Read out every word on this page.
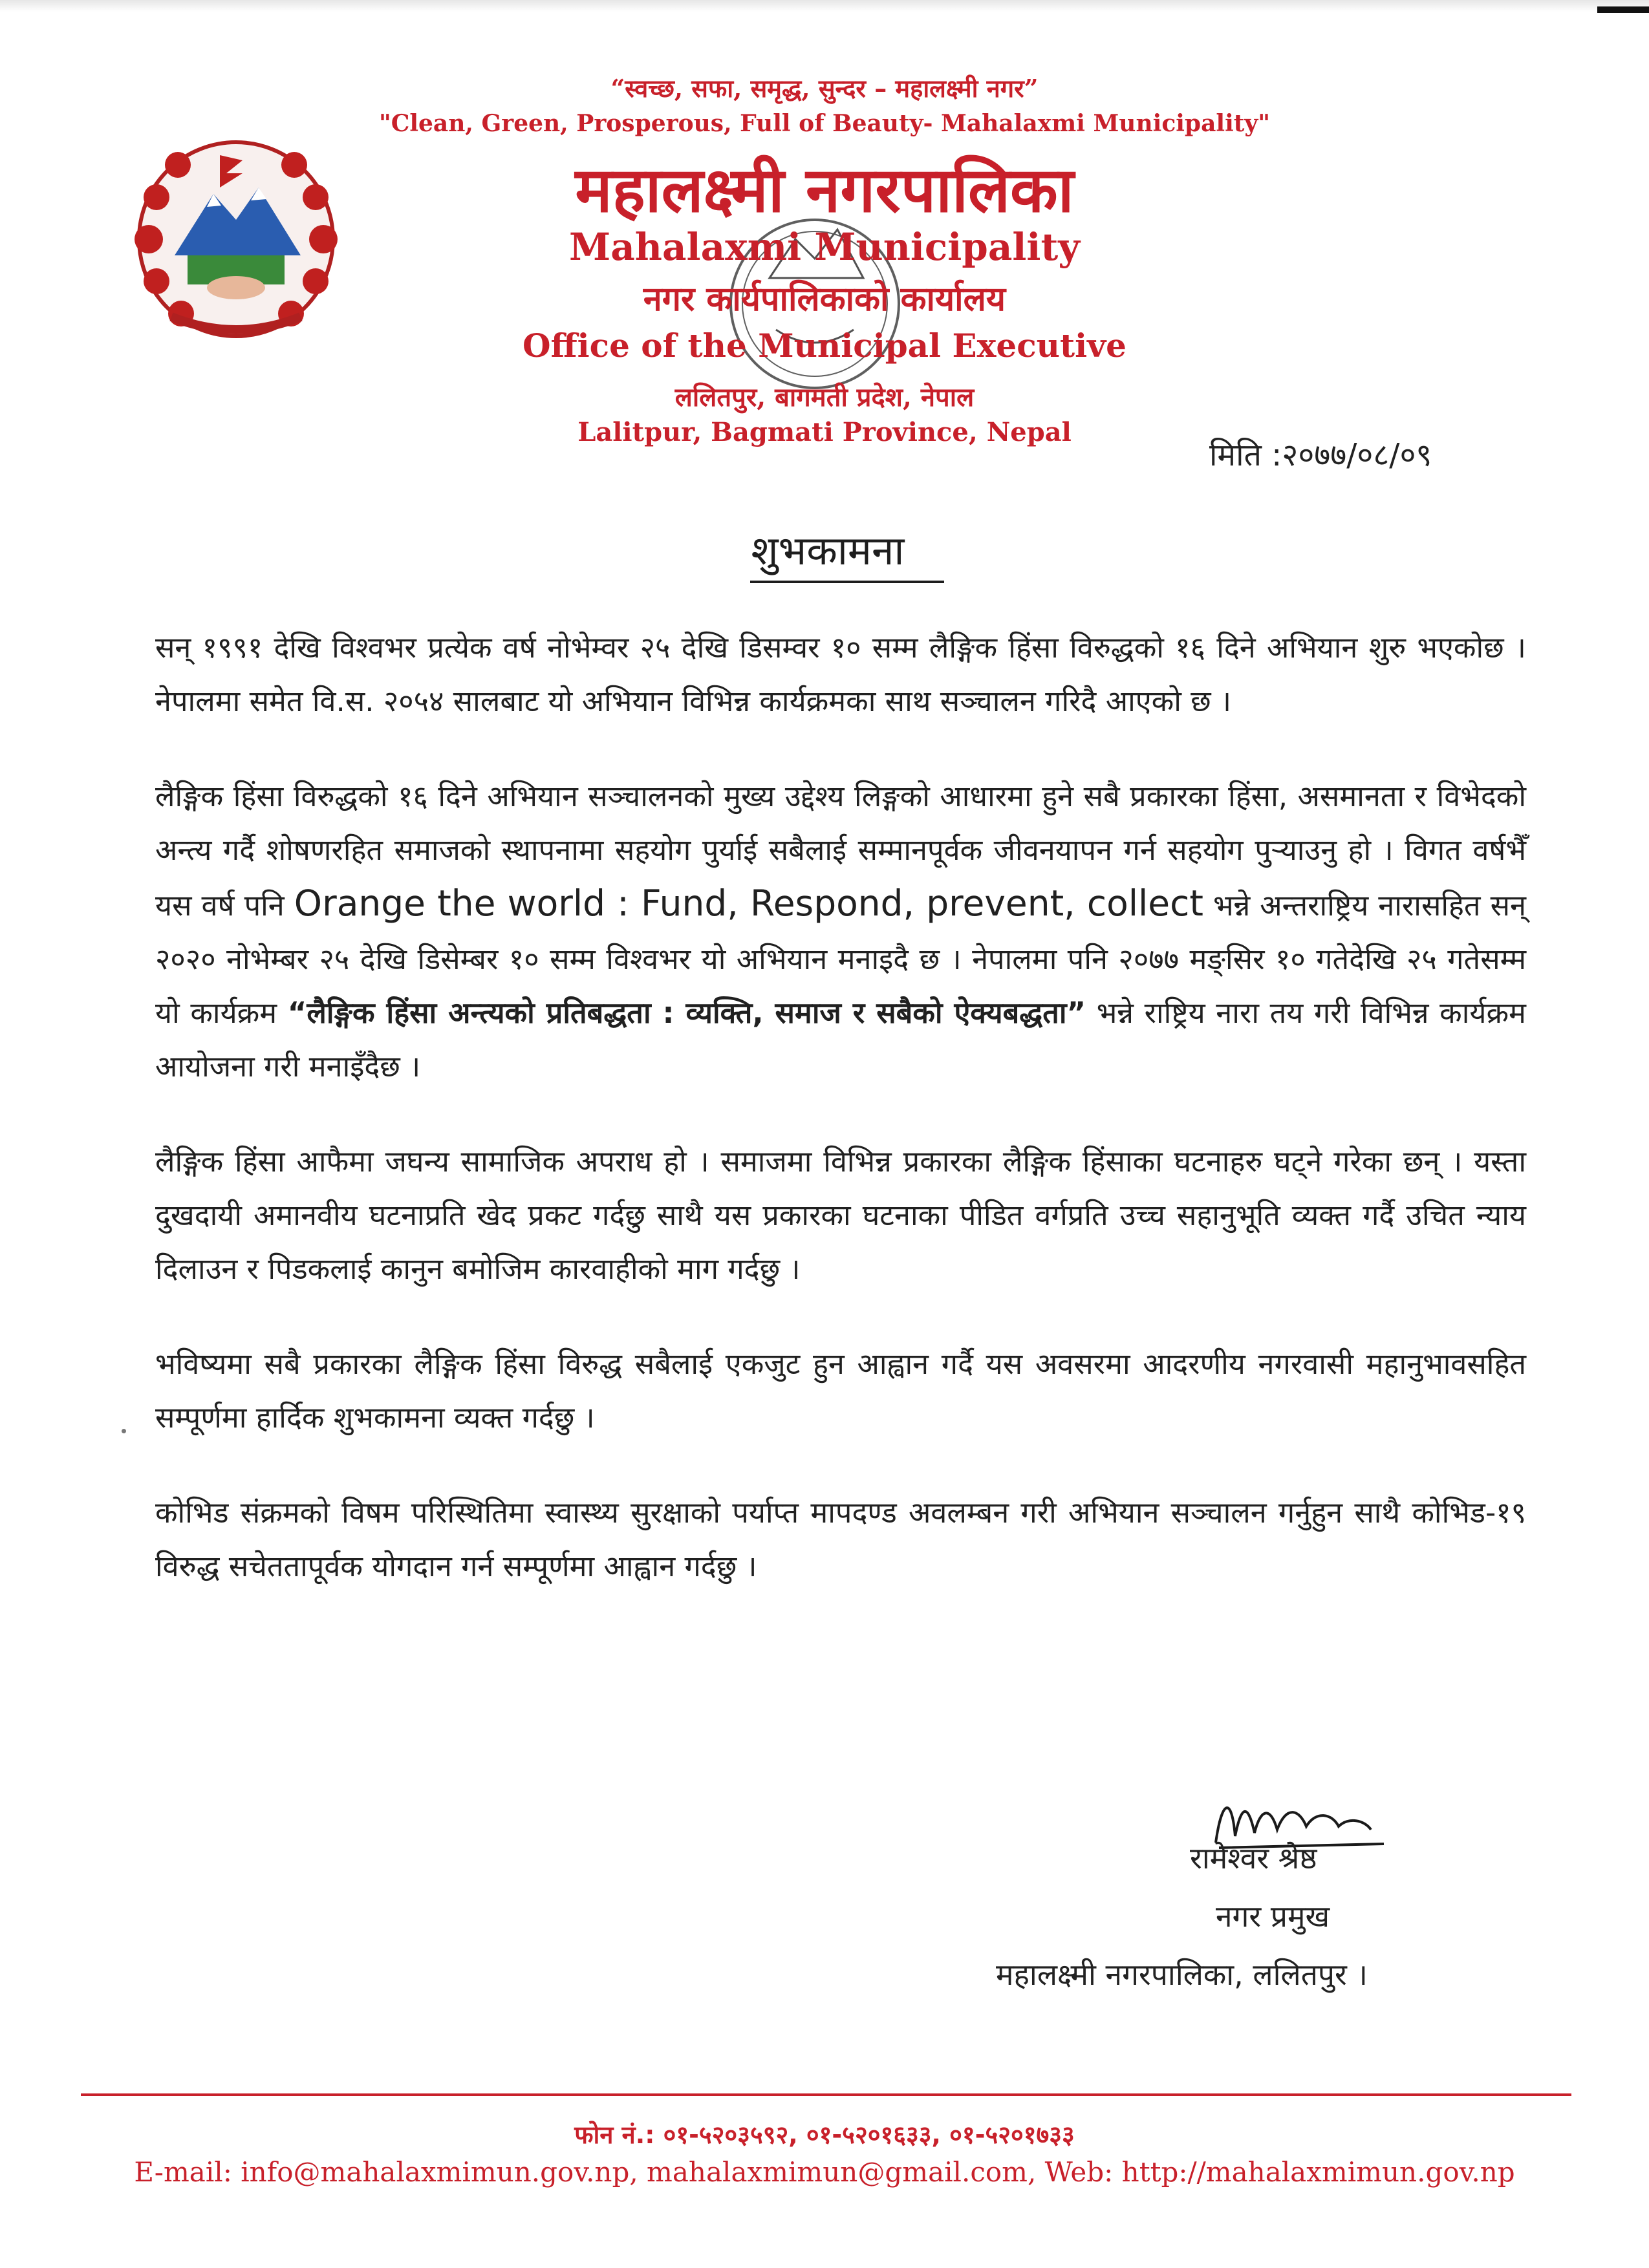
“स्वच्छ, सफा, समृद्ध, सुन्दर – महालक्ष्मी नगर”
"Clean, Green, Prosperous, Full of Beauty- Mahalaxmi Municipality"
महालक्ष्मी नगरपालिका
Mahalaxmi Municipality
नगर कार्यपालिकाको कार्यालय
Office of the Municipal Executive
ललितपुर, बागमती प्रदेश, नेपाल
Lalitpur, Bagmati Province, Nepal
मिति :२०७७/०८/०९
शुभकामना

सन् १९९१ देखि विश्वभर प्रत्येक वर्ष नोभेम्वर २५ देखि डिसम्वर १० सम्म लैङ्गिक हिंसा विरुद्धको १६ दिने अभियान शुरु भएकोछ । नेपालमा समेत वि.स. २०५४ सालबाट यो अभियान विभिन्न कार्यक्रमका साथ सञ्चालन गरिदै आएको छ ।

लैङ्गिक हिंसा विरुद्धको १६ दिने अभियान सञ्चालनको मुख्य उद्देश्य लिङ्गको आधारमा हुने सबै प्रकारका हिंसा, असमानता र विभेदको अन्त्य गर्दै शोषणरहित समाजको स्थापनामा सहयोग पुर्याई सबैलाई सम्मानपूर्वक जीवनयापन गर्न सहयोग पुर्‍याउनु हो । विगत वर्षभैँ यस वर्ष पनि Orange the world : Fund, Respond, prevent, collect भन्ने अन्तराष्ट्रिय नारासहित सन् २०२० नोभेम्बर २५ देखि डिसेम्बर १० सम्म विश्वभर यो अभियान मनाइदै छ । नेपालमा पनि २०७७ मङ्सिर १० गतेदेखि २५ गतेसम्म यो कार्यक्रम “लैङ्गिक हिंसा अन्त्यको प्रतिबद्धता : व्यक्ति, समाज र सबैको ऐक्यबद्धता” भन्ने राष्ट्रिय नारा तय गरी विभिन्न कार्यक्रम आयोजना गरी मनाइँदैछ ।

लैङ्गिक हिंसा आफैमा जघन्य सामाजिक अपराध हो । समाजमा विभिन्न प्रकारका लैङ्गिक हिंसाका घटनाहरु घट्ने गरेका छन् । यस्ता दुखदायी अमानवीय घटनाप्रति खेद प्रकट गर्दछु साथै यस प्रकारका घटनाका पीडित वर्गप्रति उच्च सहानुभूति व्यक्त गर्दै उचित न्याय दिलाउन र पिडकलाई कानुन बमोजिम कारवाहीको माग गर्दछु ।

भविष्यमा सबै प्रकारका लैङ्गिक हिंसा विरुद्ध सबैलाई एकजुट हुन आह्वान गर्दै यस अवसरमा आदरणीय नगरवासी महानुभावसहित सम्पूर्णमा हार्दिक शुभकामना व्यक्त गर्दछु ।

कोभिड संक्रमको विषम परिस्थितिमा स्वास्थ्य सुरक्षाको पर्याप्त मापदण्ड अवलम्बन गरी अभियान सञ्चालन गर्नुहुन साथै कोभिड-१९ विरुद्ध सचेततापूर्वक योगदान गर्न सम्पूर्णमा आह्वान गर्दछु ।

रामेश्वर श्रेष्ठ
नगर प्रमुख
महालक्ष्मी नगरपालिका, ललितपुर ।
फोन नं.: ०१-५२०३५९२, ०१-५२०१६३३, ०१-५२०१७३३
E-mail: info@mahalaxmimun.gov.np, mahalaxmimun@gmail.com, Web: http://mahalaxmimun.gov.np
